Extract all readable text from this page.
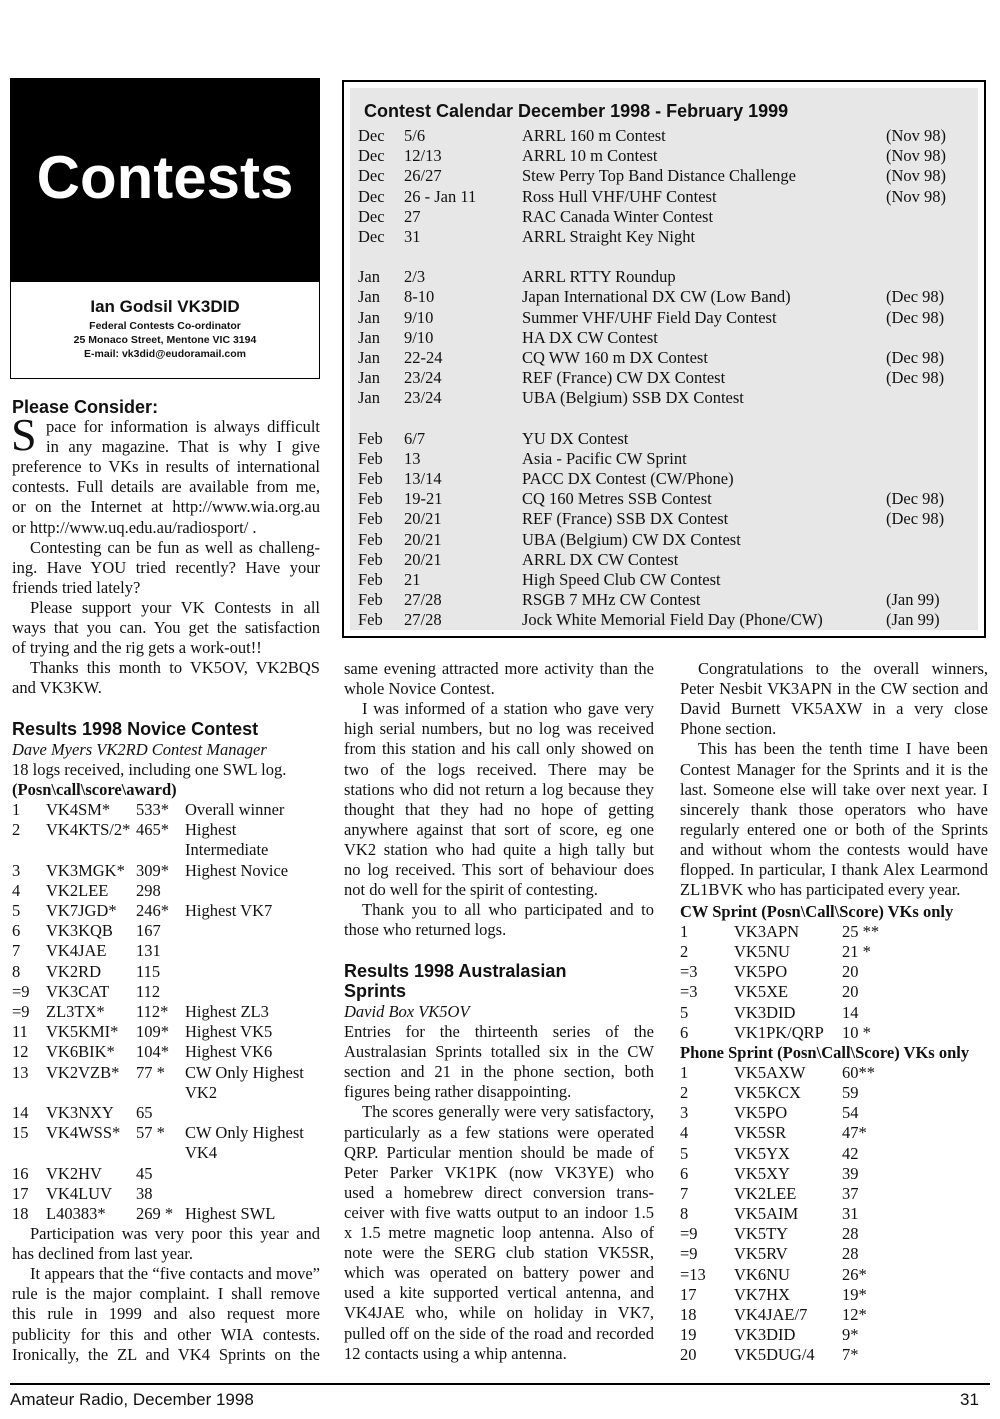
Contests
Ian Godsil VK3DID
Federal Contests Co-ordinator
25 Monaco Street, Mentone VIC 3194
E-mail: vk3did@eudoramail.com
Contest Calendar December 1998 - February 1999
Dec 5/6	ARRL 160 m Contest	(Nov 98)
Dec 12/13	ARRL 10 m Contest	(Nov 98)
Dec 26/27	Stew Perry Top Band Distance Challenge	(Nov 98)
Dec 26 - Jan 11	Ross Hull VHF/UHF Contest	(Nov 98)
Dec 27	RAC Canada Winter Contest
Dec 31	ARRL Straight Key Night
Jan 2/3	ARRL RTTY Roundup
Jan 8-10	Japan International DX CW (Low Band)	(Dec 98)
Jan 9/10	Summer VHF/UHF Field Day Contest	(Dec 98)
Jan 9/10	HA DX CW Contest
Jan 22-24	CQ WW 160 m DX Contest	(Dec 98)
Jan 23/24	REF (France) CW DX Contest	(Dec 98)
Jan 23/24	UBA (Belgium) SSB DX Contest
Feb 6/7	YU DX Contest
Feb 13	Asia - Pacific CW Sprint
Feb 13/14	PACC DX Contest (CW/Phone)
Feb 19-21	CQ 160 Metres SSB Contest	(Dec 98)
Feb 20/21	REF (France) SSB DX Contest	(Dec 98)
Feb 20/21	UBA (Belgium) CW DX Contest
Feb 20/21	ARRL DX CW Contest
Feb 21	High Speed Club CW Contest
Feb 27/28	RSGB 7 MHz CW Contest	(Jan 99)
Feb 27/28	Jock White Memorial Field Day (Phone/CW)	(Jan 99)
Please Consider:
S pace for information is always difficult
in any magazine. That is why I give
preference to VKs in results of international
contests. Full details are available from me,
or on the Internet at http://www.wia.org.au
or http://www.uq.edu.au/radiosport/ .
Contesting can be fun as well as challeng-
ing. Have YOU tried recently? Have your
friends tried lately?
Please support your VK Contests in all
ways that you can. You get the satisfaction
of trying and the rig gets a work-out!!
Thanks this month to VK5OV, VK2BQS
and VK3KW.
Results 1998 Novice Contest
Dave Myers VK2RD Contest Manager
18 logs received, including one SWL log.
(Posn\call\score\award)
1 VK4SM* 533* Overall winner
2 VK4KTS/2* 465* Highest
Intermediate
3 VK3MGK* 309* Highest Novice
4 VK2LEE 298
5 VK7JGD* 246* Highest VK7
6 VK3KQB 167
7 VK4JAE 131
8 VK2RD 115
=9 VK3CAT 112
=9 ZL3TX* 112* Highest ZL3
11 VK5KMI* 109* Highest VK5
12 VK6BIK* 104* Highest VK6
13 VK2VZB* 77 * CW Only Highest
VK2
14 VK3NXY 65
15 VK4WSS* 57 * CW Only Highest
VK4
16 VK2HV 45
17 VK4LUV 38
18 L40383* 269 * Highest SWL
Participation was very poor this year and
has declined from last year.
It appears that the “five contacts and move”
rule is the major complaint. I shall remove
this rule in 1999 and also request more
publicity for this and other WIA contests.
Ironically, the ZL and VK4 Sprints on the
same evening attracted more activity than the
whole Novice Contest.
I was informed of a station who gave very
high serial numbers, but no log was received
from this station and his call only showed on
two of the logs received. There may be
stations who did not return a log because they
thought that they had no hope of getting
anywhere against that sort of score, eg one
VK2 station who had quite a high tally but
no log received. This sort of behaviour does
not do well for the spirit of contesting.
Thank you to all who participated and to
those who returned logs.
Results 1998 Australasian
Sprints
David Box VK5OV
Entries for the thirteenth series of the
Australasian Sprints totalled six in the CW
section and 21 in the phone section, both
figures being rather disappointing.
The scores generally were very satisfactory,
particularly as a few stations were operated
QRP. Particular mention should be made of
Peter Parker VK1PK (now VK3YE) who
used a homebrew direct conversion trans-
ceiver with five watts output to an indoor 1.5
x 1.5 metre magnetic loop antenna. Also of
note were the SERG club station VK5SR,
which was operated on battery power and
used a kite supported vertical antenna, and
VK4JAE who, while on holiday in VK7,
pulled off on the side of the road and recorded
12 contacts using a whip antenna.
Congratulations to the overall winners,
Peter Nesbit VK3APN in the CW section and
David Burnett VK5AXW in a very close
Phone section.
This has been the tenth time I have been
Contest Manager for the Sprints and it is the
last. Someone else will take over next year. I
sincerely thank those operators who have
regularly entered one or both of the Sprints
and without whom the contests would have
flopped. In particular, I thank Alex Learmond
ZL1BVK who has participated every year.
CW Sprint (Posn\Call\Score) VKs only
1	VK3APN	25 **
2	VK5NU	21 *
=3 VK5PO	20
=3 VK5XE	20
5	VK3DID	14
6	VK1PK/QRP 10 *
Phone Sprint (Posn\Call\Score) VKs only
1	VK5AXW 60**
2	VK5KCX 59
3	VK5PO	54
4	VK5SR	47*
5	VK5YX	42
6	VK5XY	39
7	VK2LEE	37
8	VK5AIM	31
=9 VK5TY	28
=9 VK5RV	28
=13 VK6NU	26*
17 VK7HX	19*
18 VK4JAE/7 12*
19 VK3DID	9*
20 VK5DUG/4 7*
Amateur Radio, December 1998	31
